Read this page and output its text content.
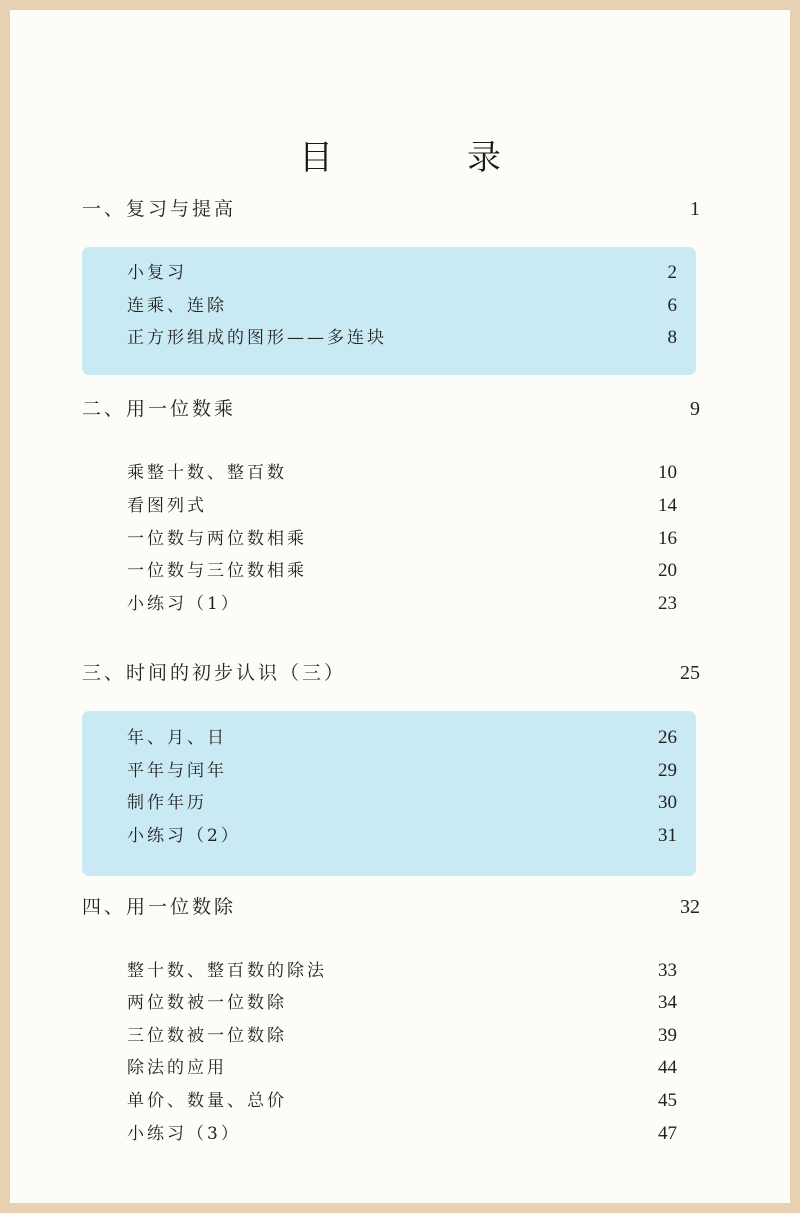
目　录
一、复习与提高	1
小复习	2
连乘、连除	6
正方形组成的图形——多连块	8
二、用一位数乘	9
乘整十数、整百数	10
看图列式	14
一位数与两位数相乘	16
一位数与三位数相乘	20
小练习（1）	23
三、时间的初步认识（三）	25
年、月、日	26
平年与闰年	29
制作年历	30
小练习（2）	31
四、用一位数除	32
整十数、整百数的除法	33
两位数被一位数除	34
三位数被一位数除	39
除法的应用	44
单价、数量、总价	45
小练习（3）	47
